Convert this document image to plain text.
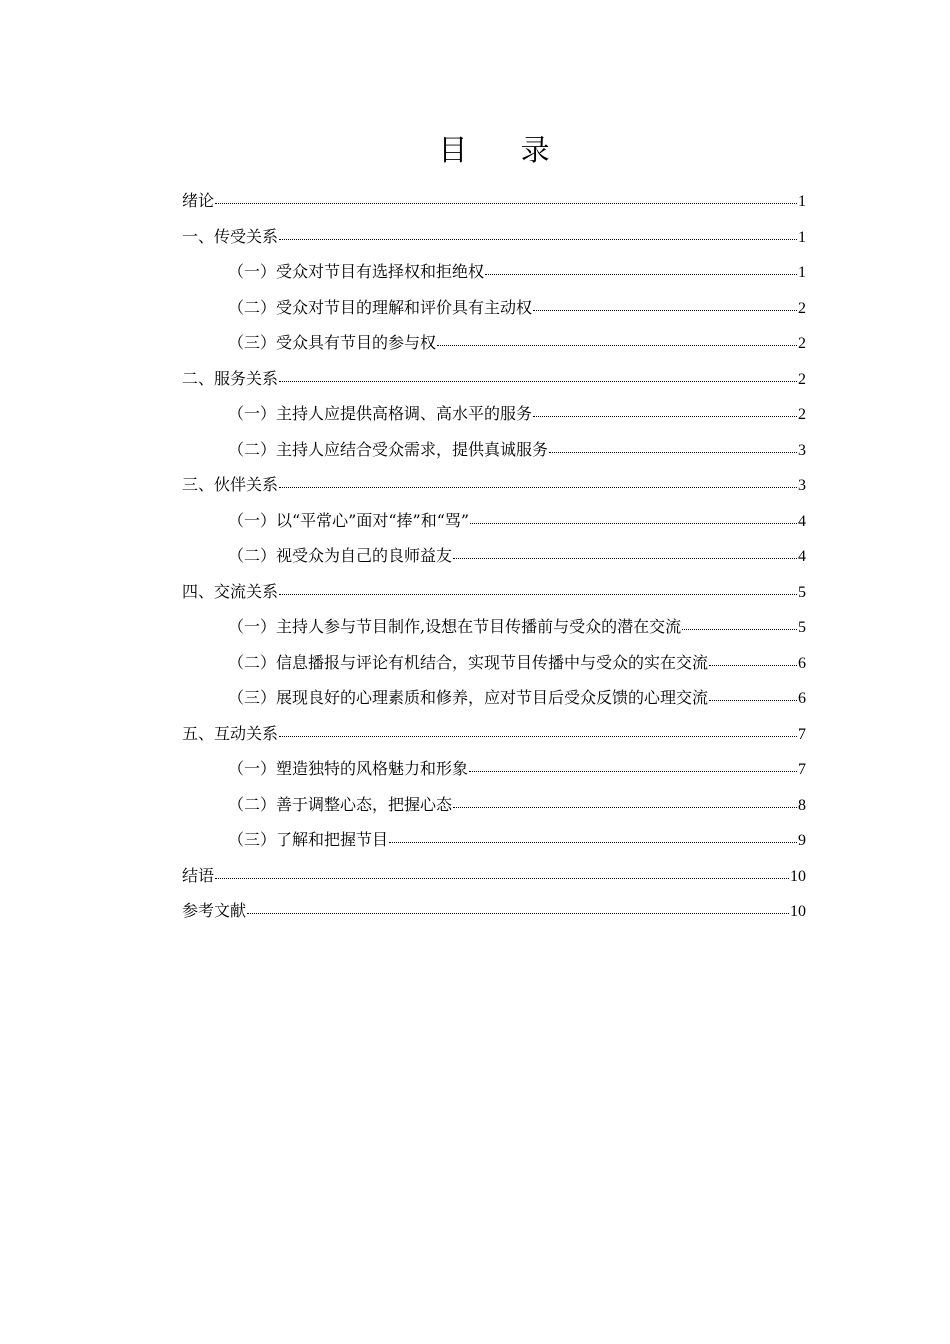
目 录
绪论	1
一、传受关系	1
（一）受众对节目有选择权和拒绝权	1
（二）受众对节目的理解和评价具有主动权	2
（三）受众具有节目的参与权	2
二、服务关系	2
（一）主持人应提供高格调、高水平的服务	2
（二）主持人应结合受众需求，提供真诚服务	3
三、伙伴关系	3
（一）以“平常心”面对“捧”和“骂”	4
（二）视受众为自己的良师益友	4
四、交流关系	5
（一）主持人参与节目制作,设想在节目传播前与受众的潜在交流	5
（二）信息播报与评论有机结合，实现节目传播中与受众的实在交流	6
（三）展现良好的心理素质和修养，应对节目后受众反馈的心理交流	6
五、互动关系	7
（一）塑造独特的风格魅力和形象	7
（二）善于调整心态，把握心态	8
（三）了解和把握节目	9
结语	10
参考文献	10
